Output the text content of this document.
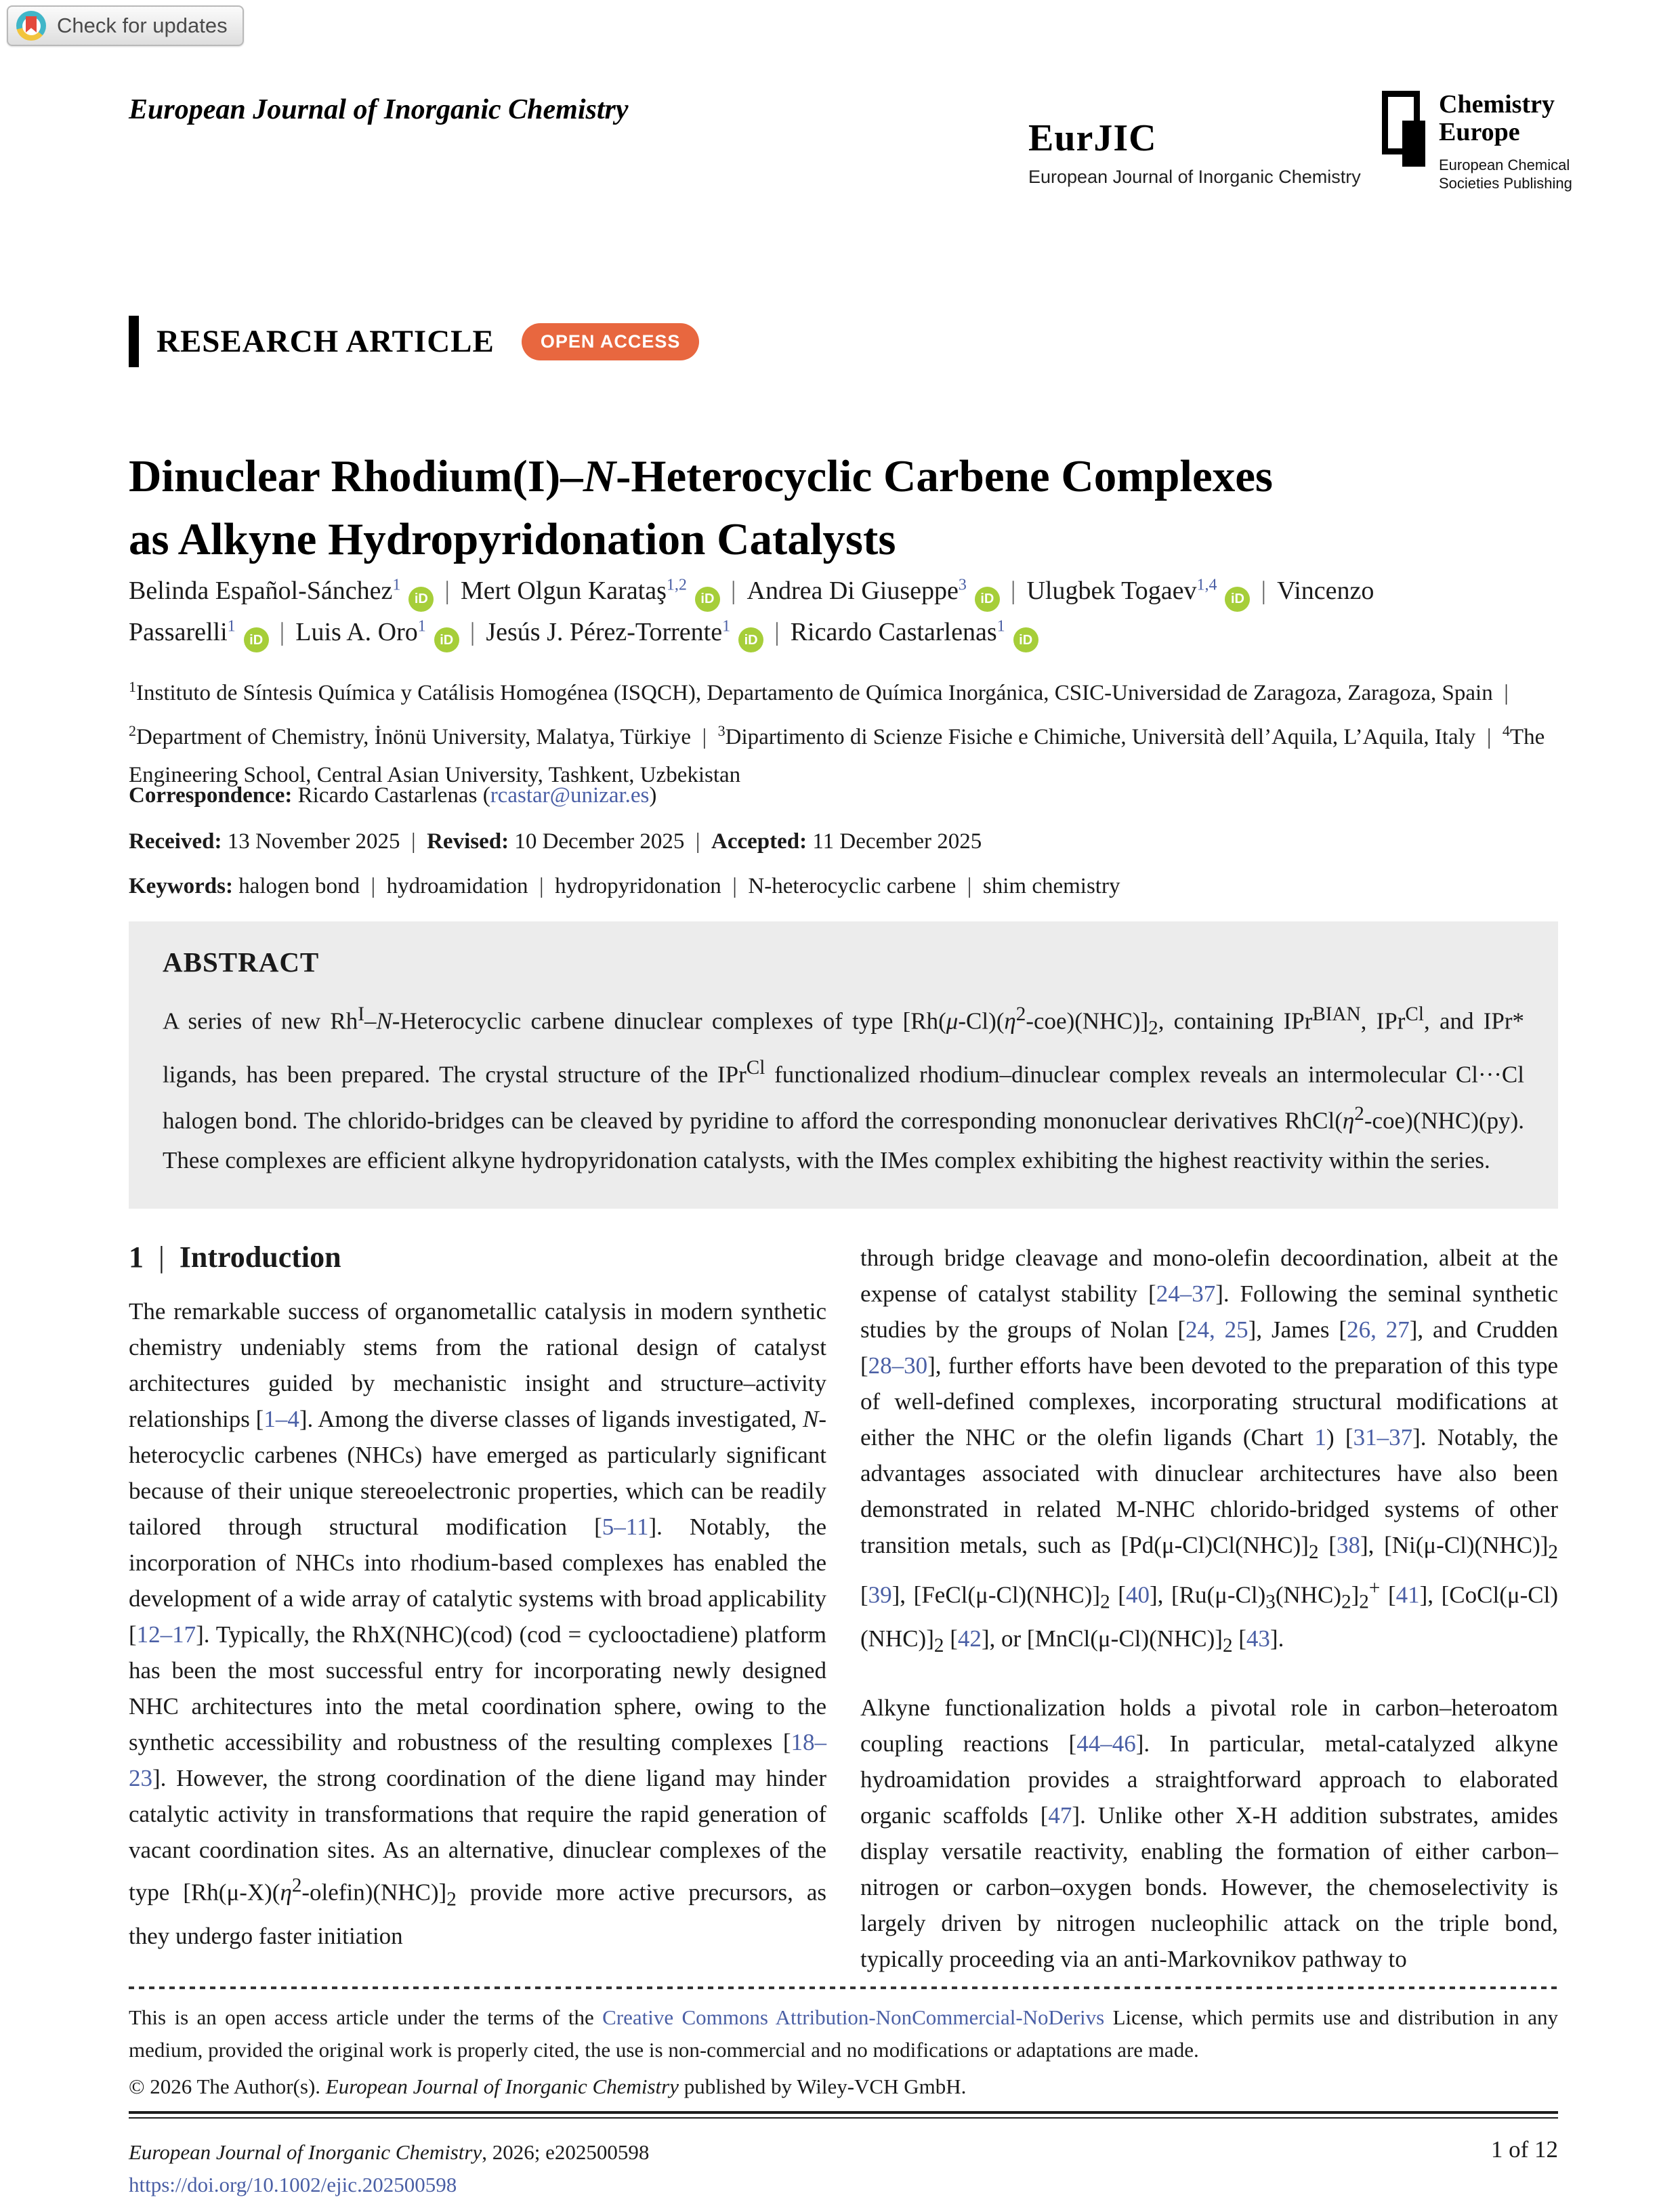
Check for updates
European Journal of Inorganic Chemistry
EurJIC
European Journal of Inorganic Chemistry
Chemistry
Europe
European Chemical
Societies Publishing
RESEARCH ARTICLE	OPEN ACCESS
Dinuclear Rhodium(I)–N-Heterocyclic Carbene Complexes
as Alkyne Hydropyridonation Catalysts
Belinda Español-Sánchez$^1$iD | Mert Olgun Karataş$^{1,2}$iD | Andrea Di Giuseppe$^3$iD | Ulugbek Togaev$^{1,4}$iD | Vincenzo Passarelli$^1$iD | Luis A. Oro$^1$iD | Jesús J. Pérez-Torrente$^1$iD | Ricardo Castarlenas$^1$iD
$^1$Instituto de Síntesis Química y Catálisis Homogénea (ISQCH), Departamento de Química Inorgánica, CSIC-Universidad de Zaragoza, Zaragoza, Spain  |  $^2$Department of Chemistry, İnönü University, Malatya, Türkiye  | $^3$Dipartimento di Scienze Fisiche e Chimiche, Università dell’Aquila, L’Aquila, Italy  | $^4$The Engineering School, Central Asian University, Tashkent, Uzbekistan
Correspondence: Ricardo Castarlenas (rcastar@unizar.es)
Received: 13 November 2025  | Revised: 10 December 2025  | Accepted: 11 December 2025
Keywords: halogen bond  |  hydroamidation  |  hydropyridonation  |  N-heterocyclic carbene  |  shim chemistry
ABSTRACT

A series of new $Rh^I-N$-Heterocyclic carbene dinuclear complexes of type $[Rh(\mu-Cl)(\eta^2-coe)(NHC)]_2$, containing IPr$^{BIAN}$, IPr$^{Cl}$, and IPr* ligands, has been prepared. The crystal structure of the IPr$^{Cl}$ functionalized rhodium–dinuclear complex reveals an intermolecular Cl···Cl halogen bond. The chlorido-bridges can be cleaved by pyridine to afford the corresponding mononuclear derivatives $RhCl(\eta^2-coe)(NHC)(py)$. These complexes are efficient alkyne hydropyridonation catalysts, with the IMes complex exhibiting the highest reactivity within the series.

1  |  Introduction

The remarkable success of organometallic catalysis in modern synthetic chemistry undeniably stems from the rational design of catalyst architectures guided by mechanistic insight and structure–activity relationships [1–4]. Among the diverse classes of ligands investigated, N-heterocyclic carbenes (NHCs) have emerged as particularly significant because of their unique stereoelectronic properties, which can be readily tailored through structural modification [5–11]. Notably, the incorporation of NHCs into rhodium-based complexes has enabled the development of a wide array of catalytic systems with broad applicability [12–17]. Typically, the RhX(NHC)(cod) (cod = cyclooctadiene) platform has been the most successful entry for incorporating newly designed NHC architectures into the metal coordination sphere, owing to the synthetic accessibility and robustness of the resulting complexes [18–23]. However, the strong coordination of the diene ligand may hinder catalytic activity in transformations that require the rapid generation of vacant coordination sites. As an alternative, dinuclear complexes of the type $[Rh(\mu-X)(\eta^2-olefin)(NHC)]_2$ provide more active precursors, as they undergo faster initiation

through bridge cleavage and mono-olefin decoordination, albeit at the expense of catalyst stability [24–37]. Following the seminal synthetic studies by the groups of Nolan [24, 25], James [26, 27], and Crudden [28–30], further efforts have been devoted to the preparation of this type of well-defined complexes, incorporating structural modifications at either the NHC or the olefin ligands (Chart 1) [31–37]. Notably, the advantages associated with dinuclear architectures have also been demonstrated in related M-NHC chlorido-bridged systems of other transition metals, such as $[Pd(\mu-Cl)Cl(NHC)]_2$ [38], $[Ni(\mu-Cl)(NHC)]_2$ [39], $[FeCl(\mu-Cl)(NHC)]_2$ [40], $[Ru(\mu-Cl)_3(NHC)_2]_2^+$ [41], $[CoCl(\mu-Cl)(NHC)]_2$ [42], or $[MnCl(\mu-Cl)(NHC)]_2$ [43].

Alkyne functionalization holds a pivotal role in carbon–heteroatom coupling reactions [44–46]. In particular, metal-catalyzed alkyne hydroamidation provides a straightforward approach to elaborated organic scaffolds [47]. Unlike other X-H addition substrates, amides display versatile reactivity, enabling the formation of either carbon–nitrogen or carbon–oxygen bonds. However, the chemoselectivity is largely driven by nitrogen nucleophilic attack on the triple bond, typically proceeding via an anti-Markovnikov pathway to

This is an open access article under the terms of the Creative Commons Attribution-NonCommercial-NoDerivs License, which permits use and distribution in any medium, provided the original work is properly cited, the use is non-commercial and no modifications or adaptations are made.
© 2026 The Author(s). European Journal of Inorganic Chemistry published by Wiley-VCH GmbH.
European Journal of Inorganic Chemistry, 2026; e202500598
https://doi.org/10.1002/ejic.202500598
1 of 12
